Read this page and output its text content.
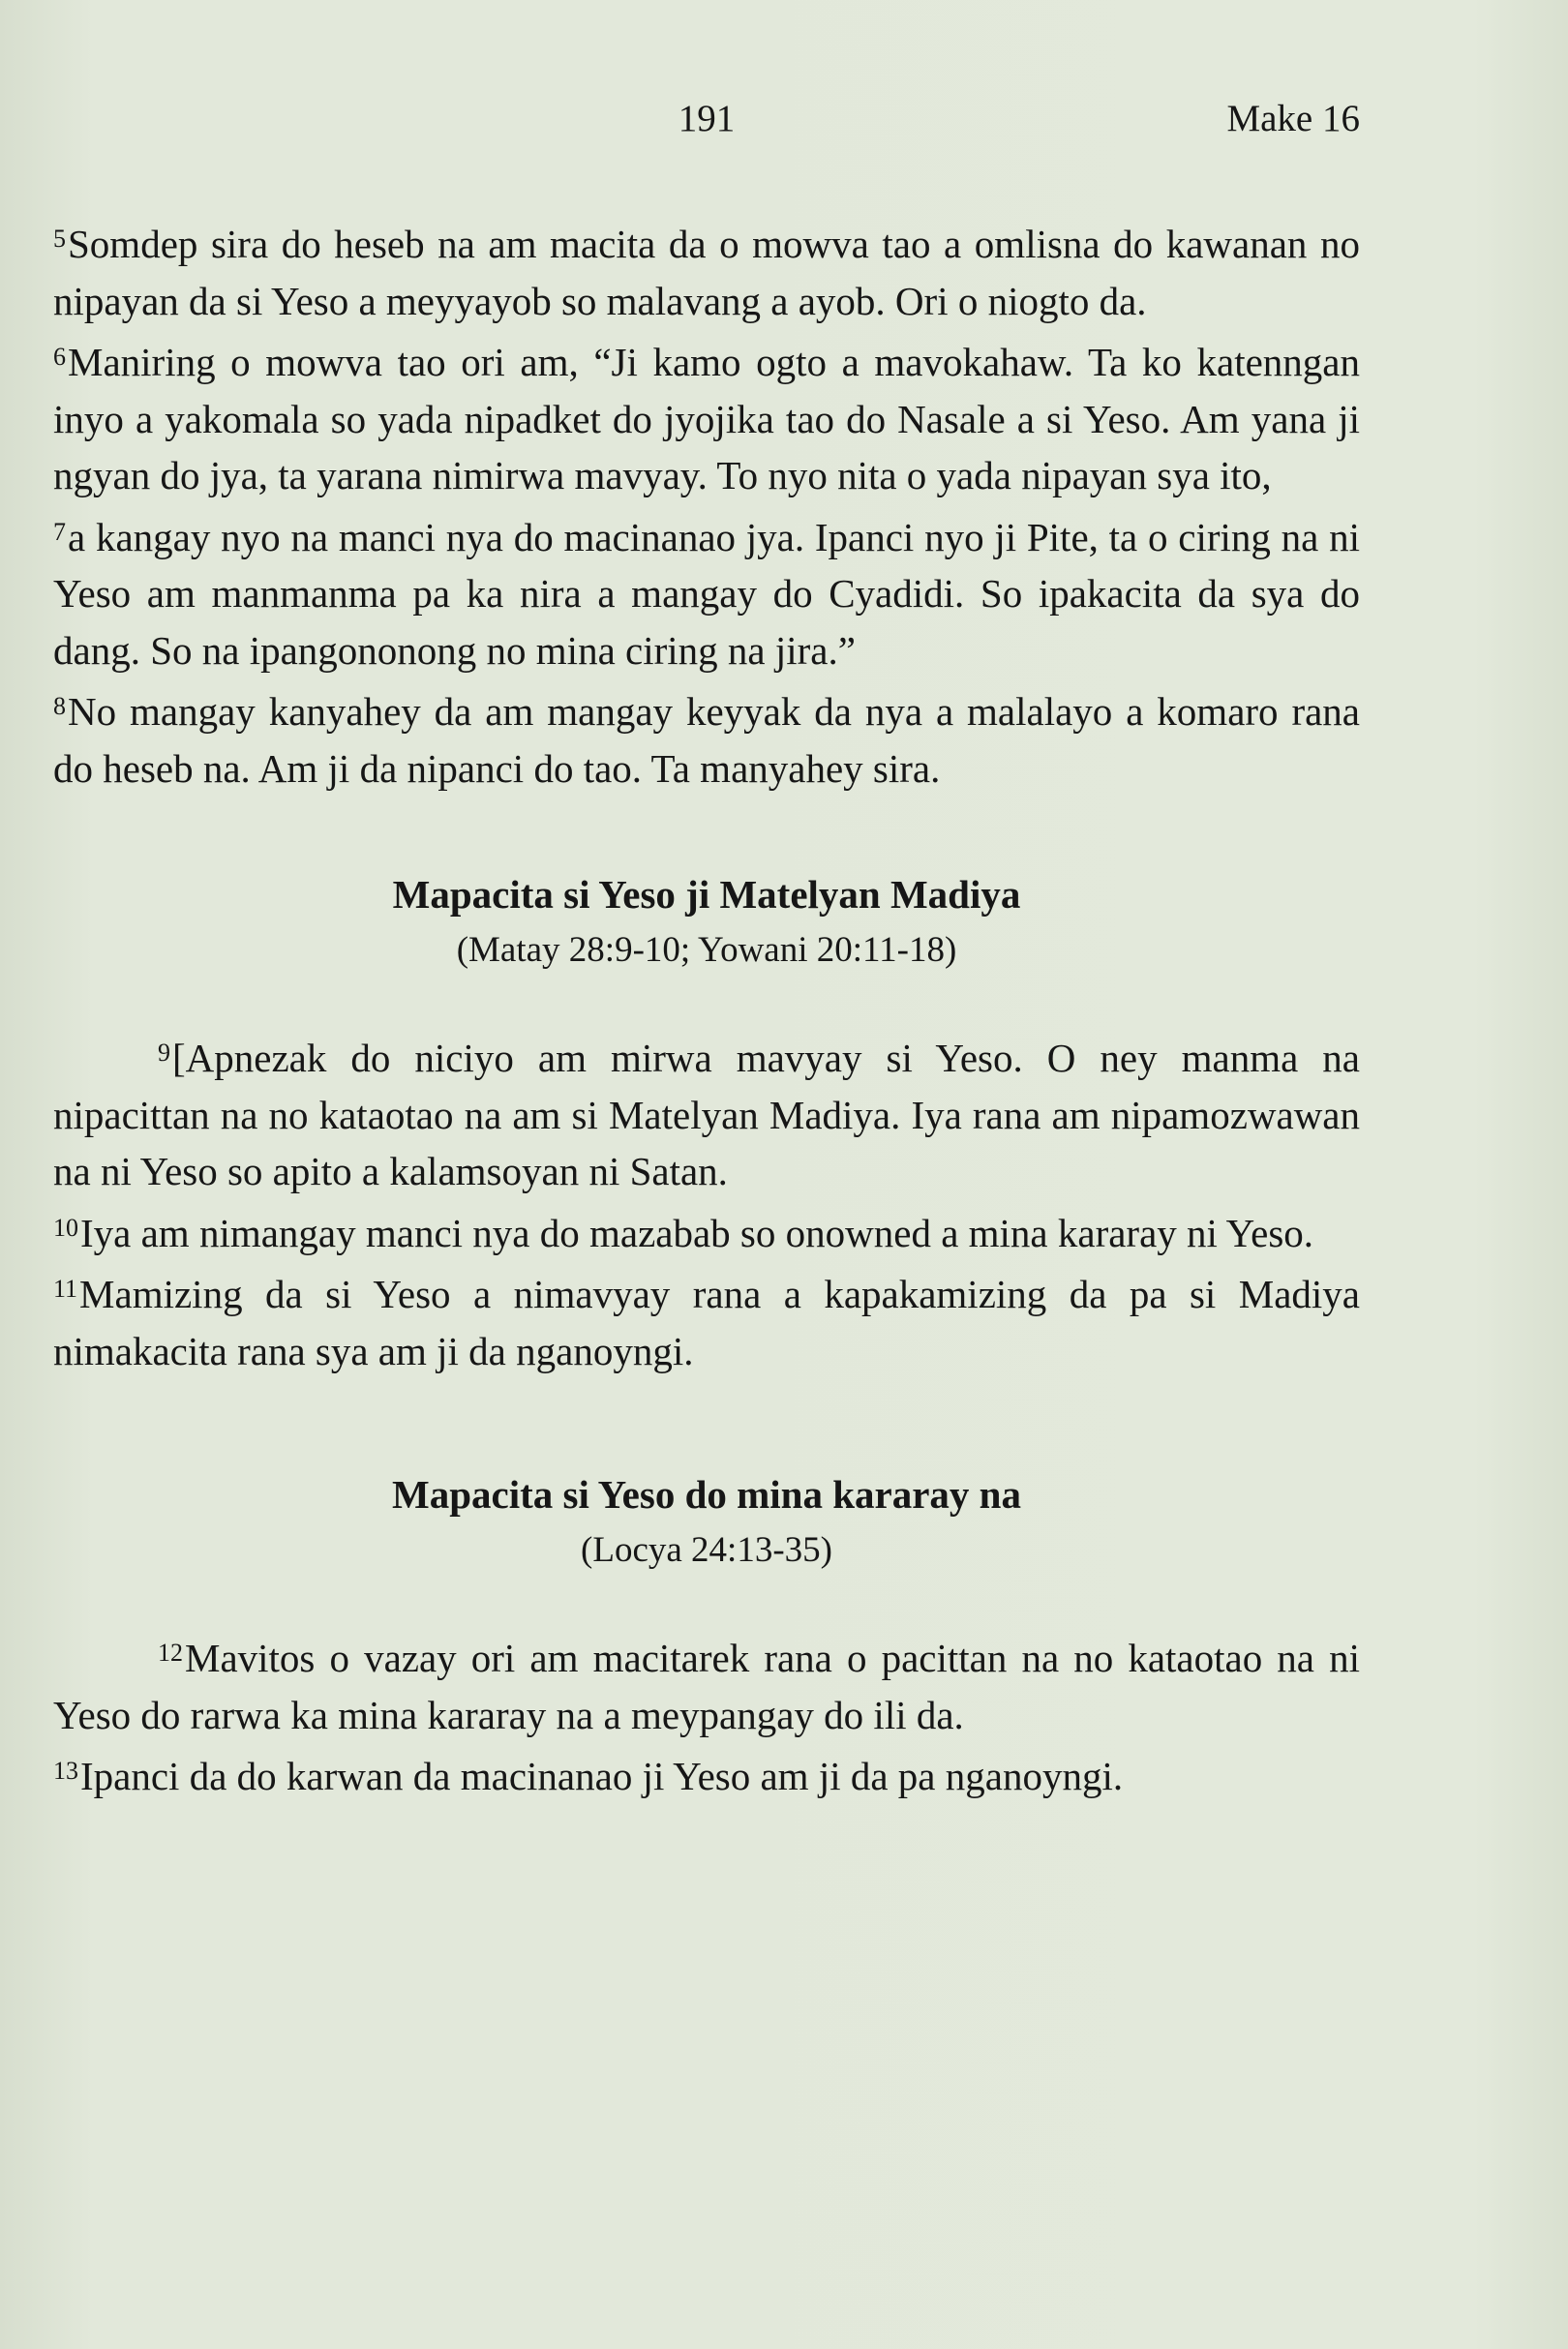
191	Make 16

$^5$Somdep sira do heseb na am macita da o mowva tao a omlisna do kawanan no nipayan da si Yeso a meyyayob so malavang a ayob. Ori o niogto da.

$^6$Maniring o mowva tao ori am, “Ji kamo ogto a mavokahaw. Ta ko katenngan inyo a yakomala so yada nipadket do jyojika tao do Nasale a si Yeso. Am yana ji ngyan do jya, ta yarana nimirwa mavyay. To nyo nita o yada nipayan sya ito,

$^7$a kangay nyo na manci nya do macinanao jya. Ipanci nyo ji Pite, ta o ciring na ni Yeso am manmanma pa ka nira a mangay do Cyadidi. So ipakacita da sya do dang. So na ipangononong no mina ciring na jira.”

$^8$No mangay kanyahey da am mangay keyyak da nya a malalayo a komaro rana do heseb na. Am ji da nipanci do tao. Ta manyahey sira.

Mapacita si Yeso ji Matelyan Madiya

(Matay 28:9-10; Yowani 20:11-18)

$^9$[Apnezak do niciyo am mirwa mavyay si Yeso. O ney manma na nipacittan na no kataotao na am si Matelyan Madiya. Iya rana am nipamozwawan na ni Yeso so apito a kalamsoyan ni Satan.

$^{10}$Iya am nimangay manci nya do mazabab so onowned a mina kararay ni Yeso.

$^{11}$Mamizing da si Yeso a nimavyay rana a kapakamizing da pa si Madiya nimakacita rana sya am ji da nganoyngi.

Mapacita si Yeso do mina kararay na

(Locya 24:13-35)

$^{12}$Mavitos o vazay ori am macitarek rana o pacittan na no kataotao na ni Yeso do rarwa ka mina kararay na a meypangay do ili da.

$^{13}$Ipanci da do karwan da macinanao ji Yeso am ji da pa nganoyngi.
